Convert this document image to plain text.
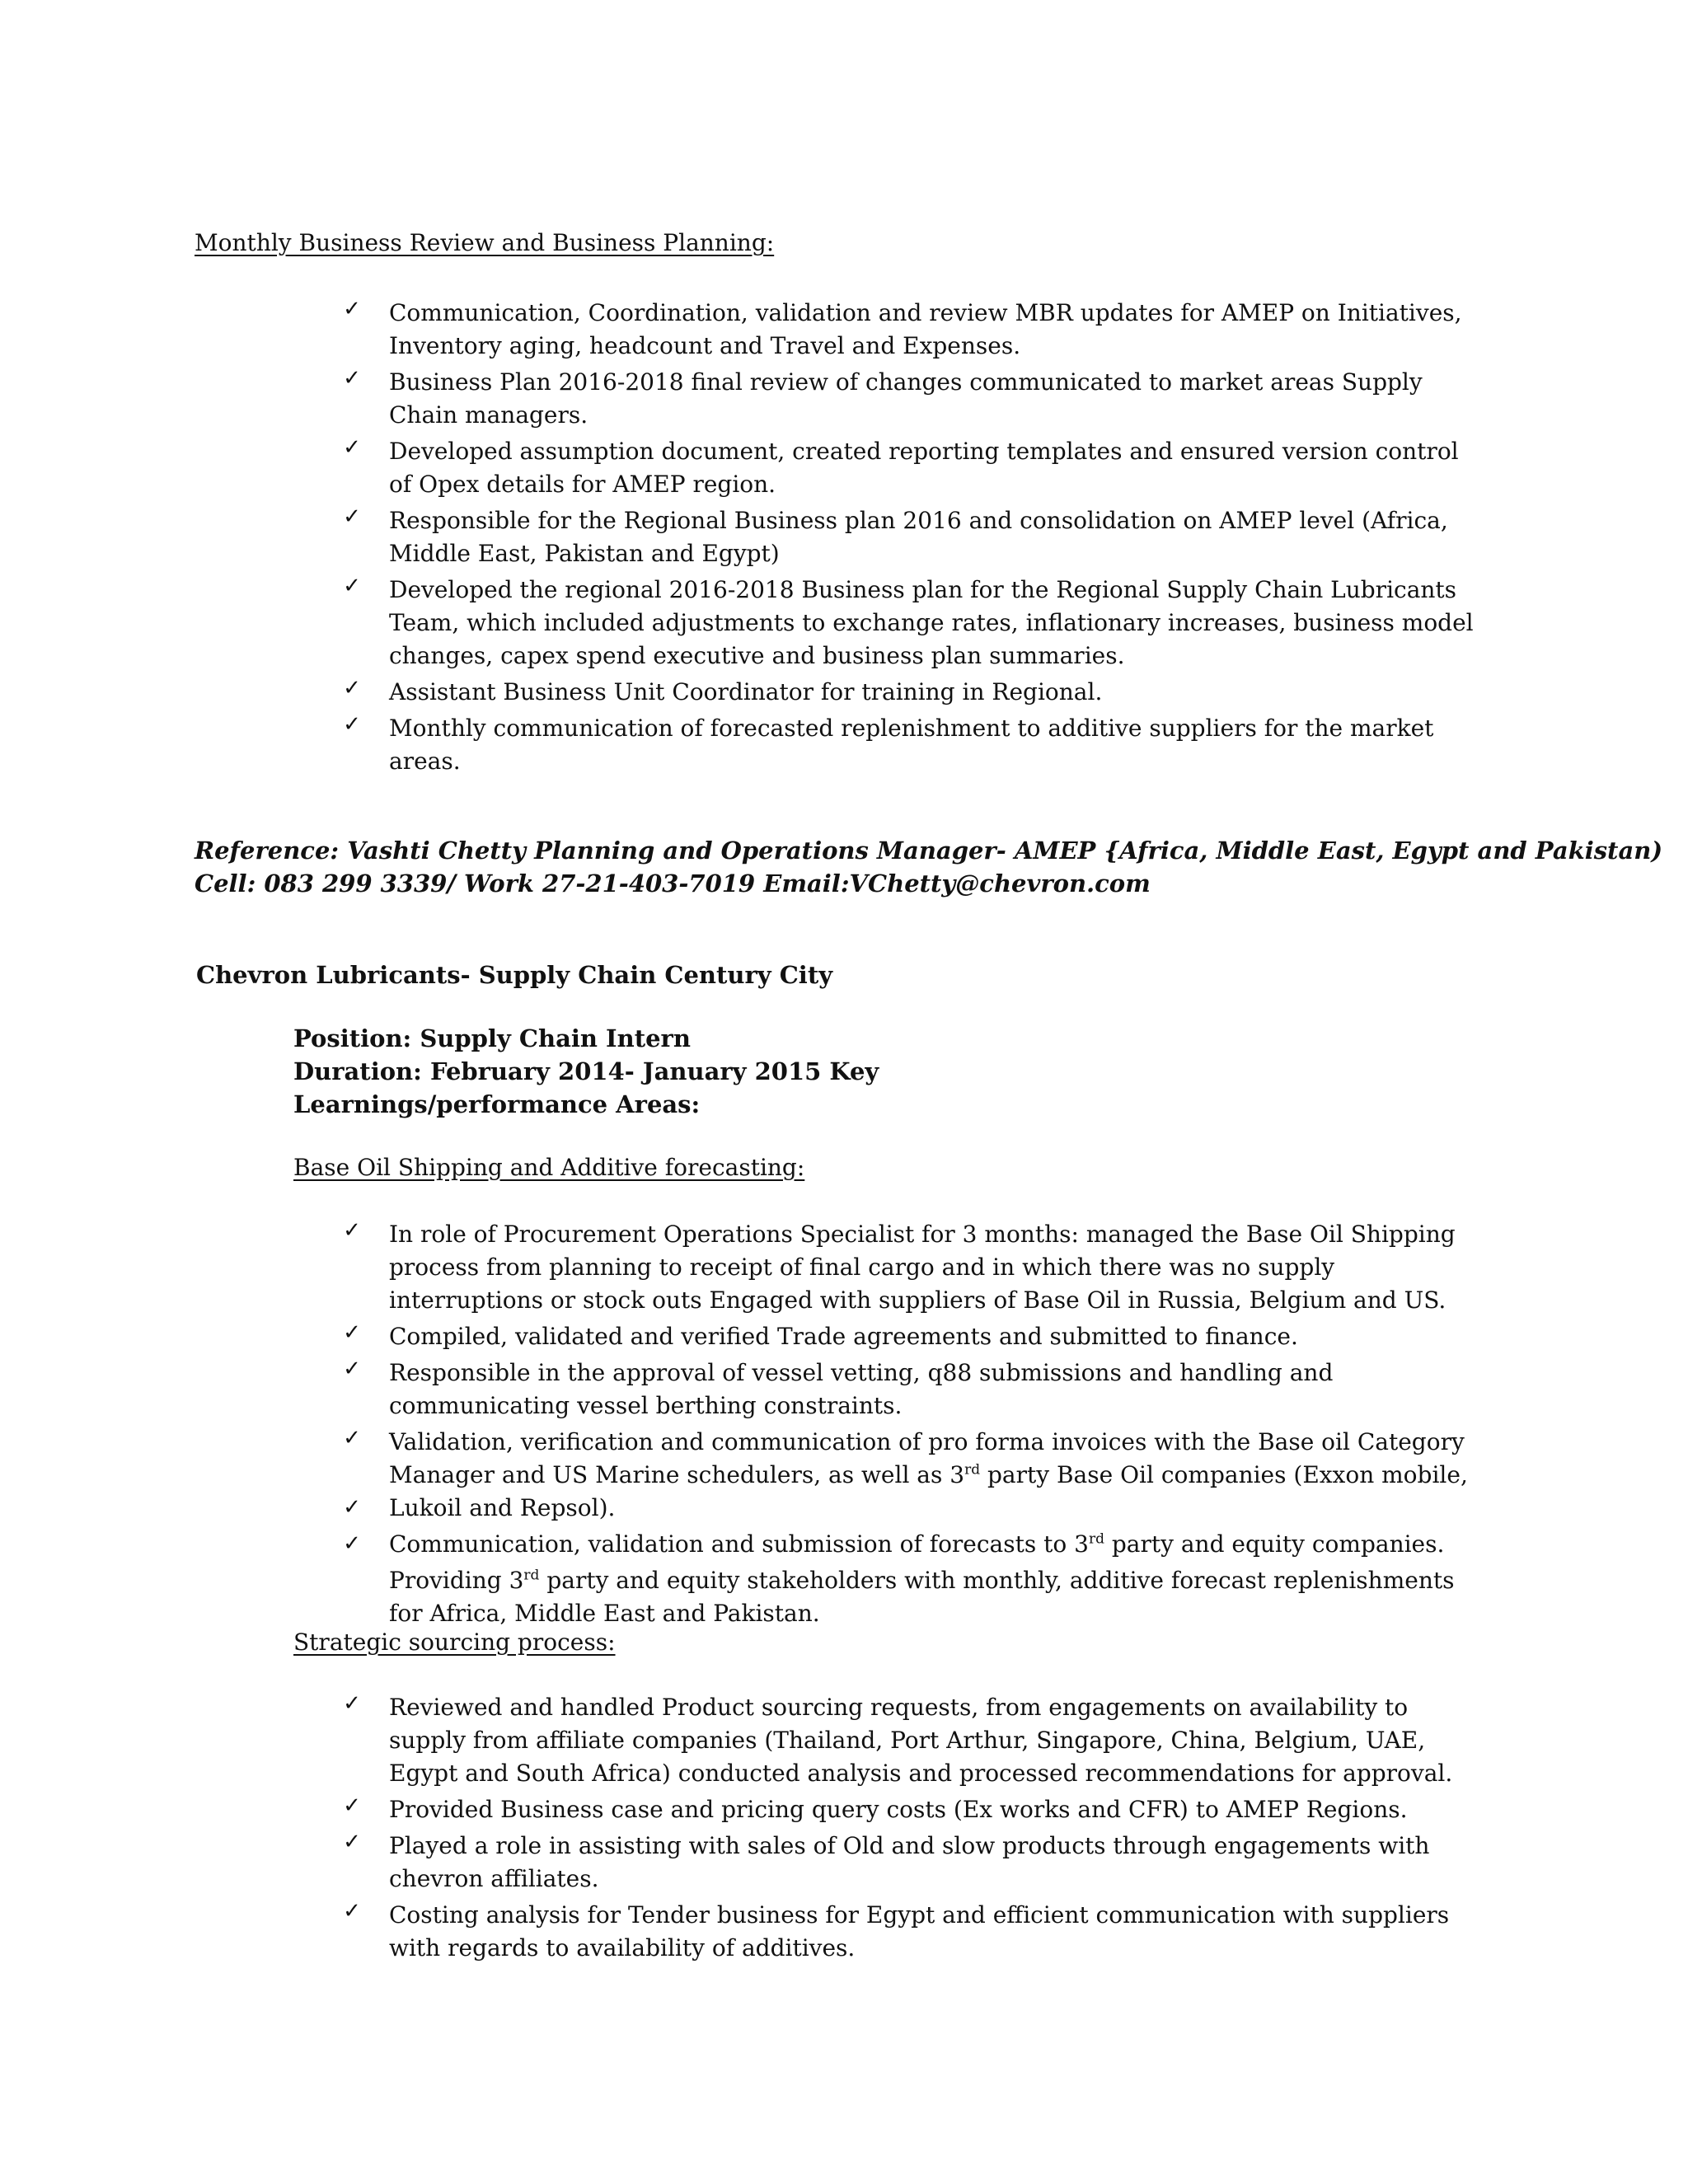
Monthly Business Review and Business Planning:
Communication, Coordination, validation and review MBR updates for AMEP on Initiatives, Inventory aging, headcount and Travel and Expenses.
Business Plan 2016-2018 final review of changes communicated to market areas Supply Chain managers.
Developed assumption document, created reporting templates and ensured version control of Opex details for AMEP region.
Responsible for the Regional Business plan 2016 and consolidation on AMEP level (Africa, Middle East, Pakistan and Egypt)
Developed the regional 2016-2018 Business plan for the Regional Supply Chain Lubricants Team, which included adjustments to exchange rates, inflationary increases, business model changes, capex spend executive and business plan summaries.
Assistant Business Unit Coordinator for training in Regional.
Monthly communication of forecasted replenishment to additive suppliers for the market areas.
✓
✓
✓
✓
✓
✓
✓
Reference: Vashti Chetty Planning and Operations Manager- AMEP {Africa, Middle East, Egypt and Pakistan)
Cell: 083 299 3339/ Work 27-21-403-7019 Email:VChetty@chevron.com
Chevron Lubricants- Supply Chain Century City
Position: Supply Chain Intern
Duration: February 2014- January 2015 Key
Learnings/performance Areas:
Base Oil Shipping and Additive forecasting:
In role of Procurement Operations Specialist for 3 months: managed the Base Oil Shipping process from planning to receipt of final cargo and in which there was no supply interruptions or stock outs Engaged with suppliers of Base Oil in Russia, Belgium and US.
Compiled, validated and verified Trade agreements and submitted to finance.
Responsible in the approval of vessel vetting, q88 submissions and handling and communicating vessel berthing constraints.
Validation, verification and communication of pro forma invoices with the Base oil Category Manager and US Marine schedulers, as well as 3rd party Base Oil companies (Exxon mobile, Lukoil and Repsol).
Communication, validation and submission of forecasts to 3rd party and equity companies.
Providing 3rd party and equity stakeholders with monthly, additive forecast replenishments for Africa, Middle East and Pakistan.
✓
✓
✓
✓
✓
✓
Strategic sourcing process:
Reviewed and handled Product sourcing requests, from engagements on availability to supply from affiliate companies (Thailand, Port Arthur, Singapore, China, Belgium, UAE, Egypt and South Africa) conducted analysis and processed recommendations for approval.
Provided Business case and pricing query costs (Ex works and CFR) to AMEP Regions.
Played a role in assisting with sales of Old and slow products through engagements with chevron affiliates.
Costing analysis for Tender business for Egypt and efficient communication with suppliers with regards to availability of additives.
✓
✓
✓
✓
